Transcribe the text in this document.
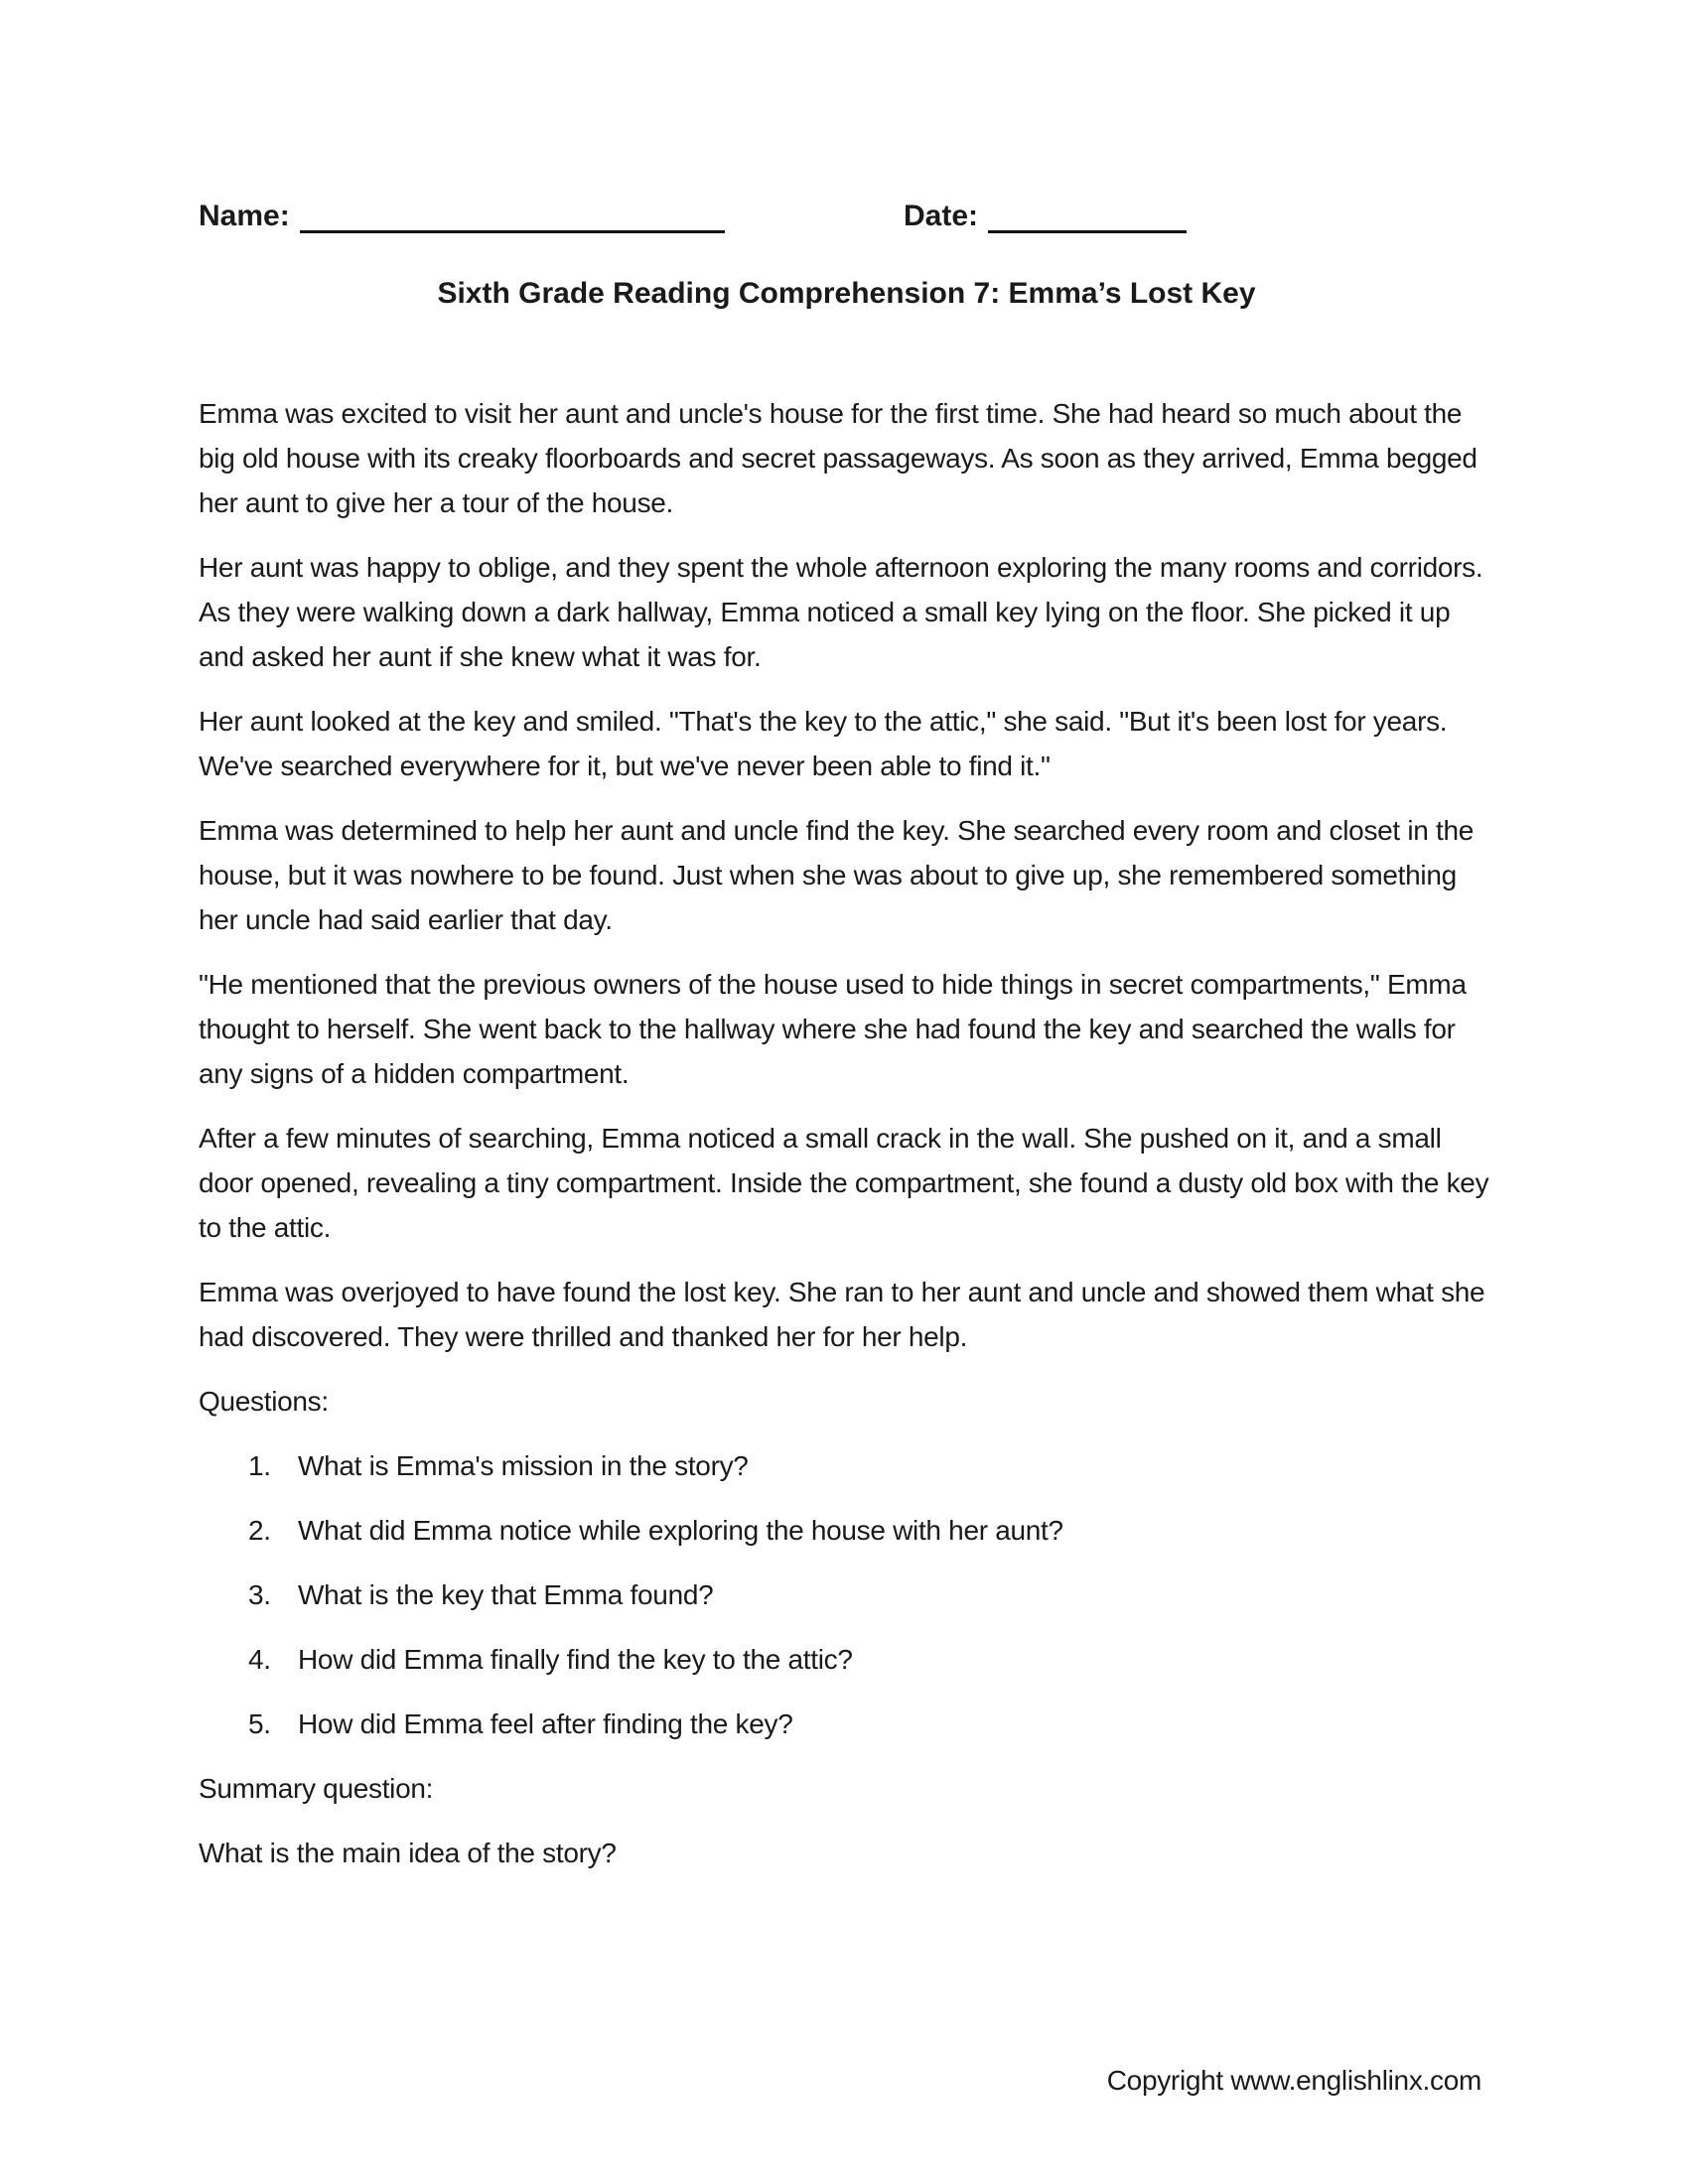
Name:	Date:
Sixth Grade Reading Comprehension 7: Emma’s Lost Key

Emma was excited to visit her aunt and uncle's house for the first time. She had heard so much about the big old house with its creaky floorboards and secret passageways. As soon as they arrived, Emma begged her aunt to give her a tour of the house.

Her aunt was happy to oblige, and they spent the whole afternoon exploring the many rooms and corridors. As they were walking down a dark hallway, Emma noticed a small key lying on the floor. She picked it up and asked her aunt if she knew what it was for.

Her aunt looked at the key and smiled. "That's the key to the attic," she said. "But it's been lost for years. We've searched everywhere for it, but we've never been able to find it."

Emma was determined to help her aunt and uncle find the key. She searched every room and closet in the house, but it was nowhere to be found. Just when she was about to give up, she remembered something her uncle had said earlier that day.

"He mentioned that the previous owners of the house used to hide things in secret compartments," Emma thought to herself. She went back to the hallway where she had found the key and searched the walls for any signs of a hidden compartment.

After a few minutes of searching, Emma noticed a small crack in the wall. She pushed on it, and a small door opened, revealing a tiny compartment. Inside the compartment, she found a dusty old box with the key to the attic.

Emma was overjoyed to have found the lost key. She ran to her aunt and uncle and showed them what she had discovered. They were thrilled and thanked her for her help.

Questions:

1. What is Emma's mission in the story?
2. What did Emma notice while exploring the house with her aunt?
3. What is the key that Emma found?
4. How did Emma finally find the key to the attic?
5. How did Emma feel after finding the key?

Summary question:

What is the main idea of the story?

Copyright www.englishlinx.com
